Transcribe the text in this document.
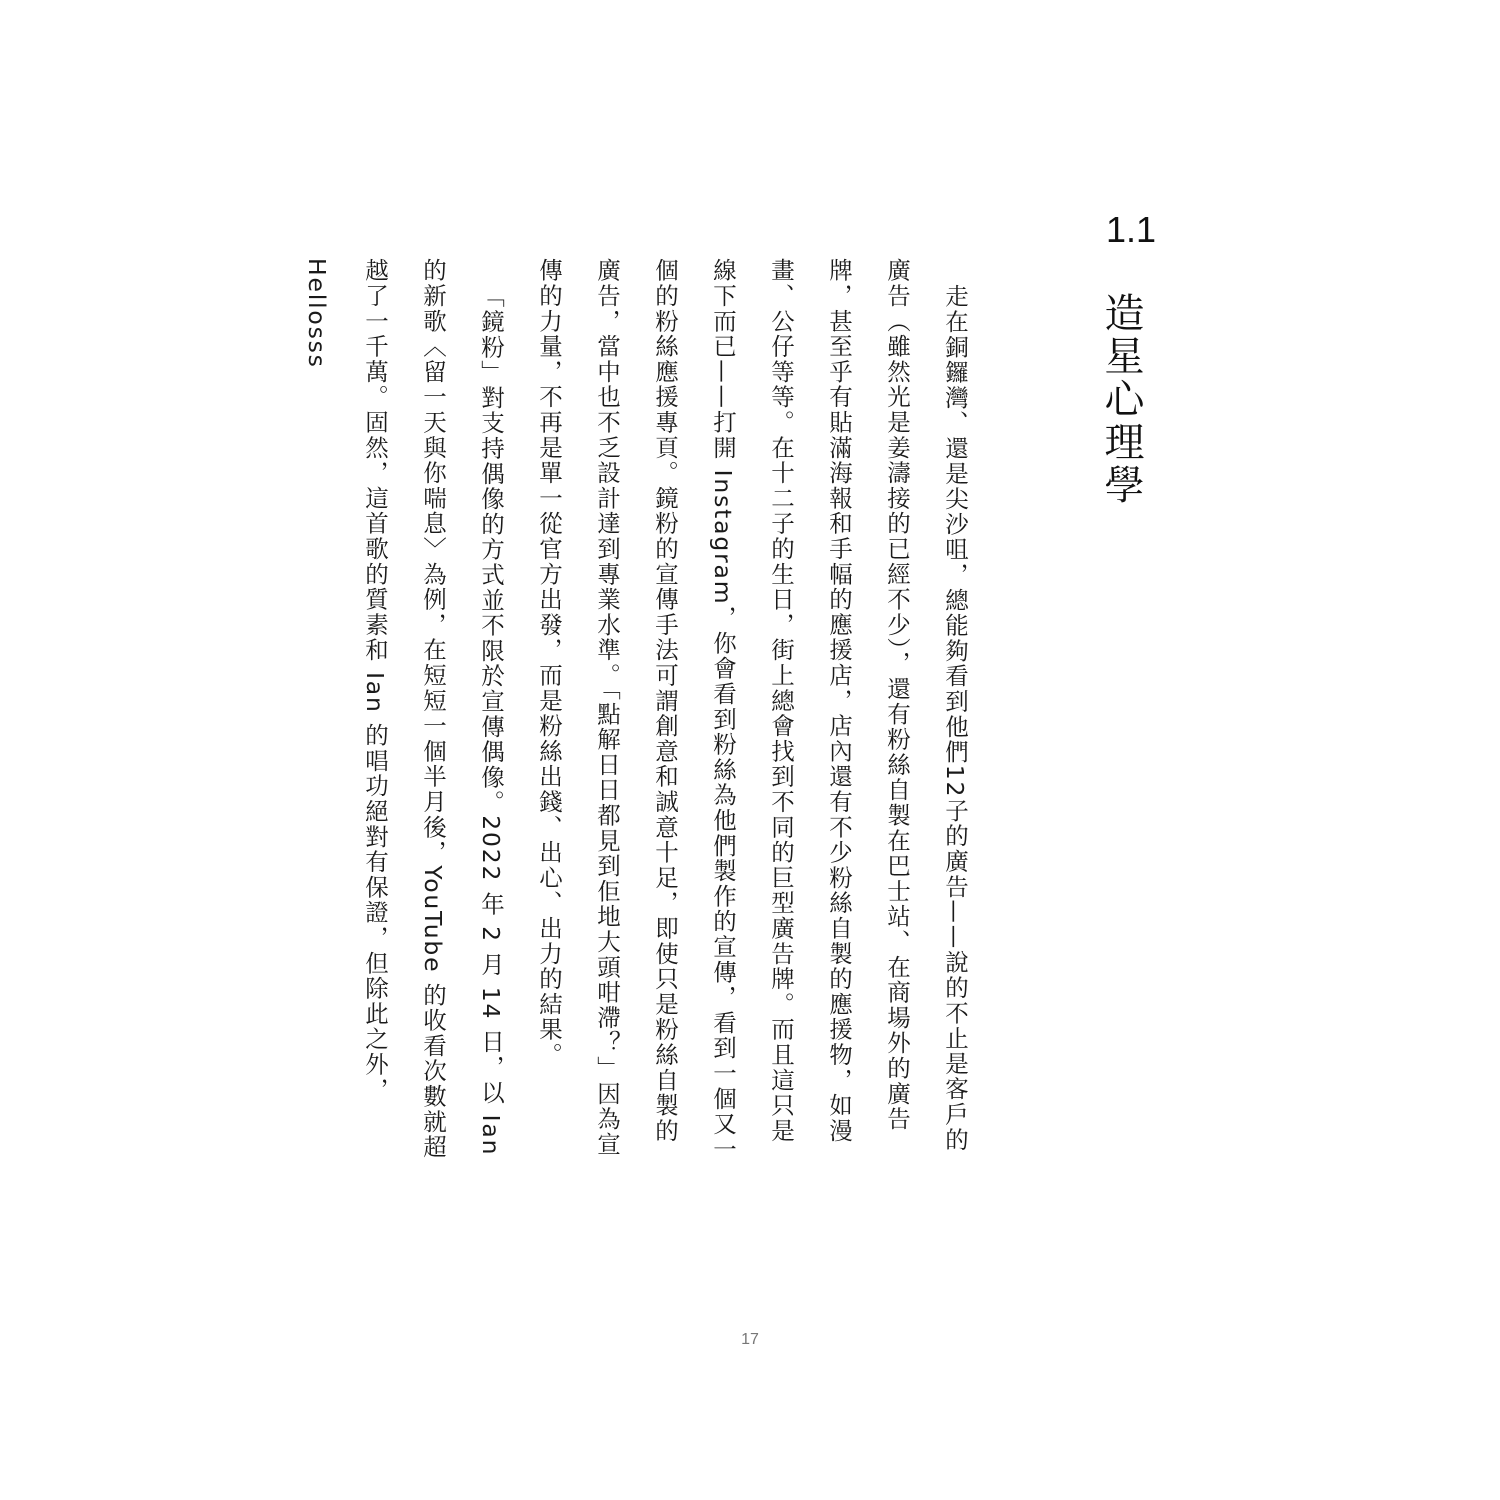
1.1
造星心理學

走在銅鑼灣、還是尖沙咀，總能夠看到他們12子的廣告——說的不止是客戶的廣告（雖然光是姜濤接的已經不少），還有粉絲自製在巴士站、在商場外的廣告牌，甚至乎有貼滿海報和手幅的應援店，店內還有不少粉絲自製的應援物，如漫畫、公仔等等。在十二子的生日，街上總會找到不同的巨型廣告牌。而且這只是線下而已——打開 Instagram，你會看到粉絲為他們製作的宣傳，看到一個又一個的粉絲應援專頁。鏡粉的宣傳手法可謂創意和誠意十足，即使只是粉絲自製的廣告，當中也不乏設計達到專業水準。「點解日日都見到佢地大頭咁滯？」因為宣傳的力量，不再是單一從官方出發，而是粉絲出錢、出心、出力的結果。

「鏡粉」對支持偶像的方式並不限於宣傳偶像。2022 年 2 月 14 日，以 Ian 的新歌〈留一天與你喘息〉為例，在短短一個半月後，YouTube 的收看次數就超越了一千萬。固然，這首歌的質素和 Ian 的唱功絕對有保證，但除此之外，Hellosss

17
